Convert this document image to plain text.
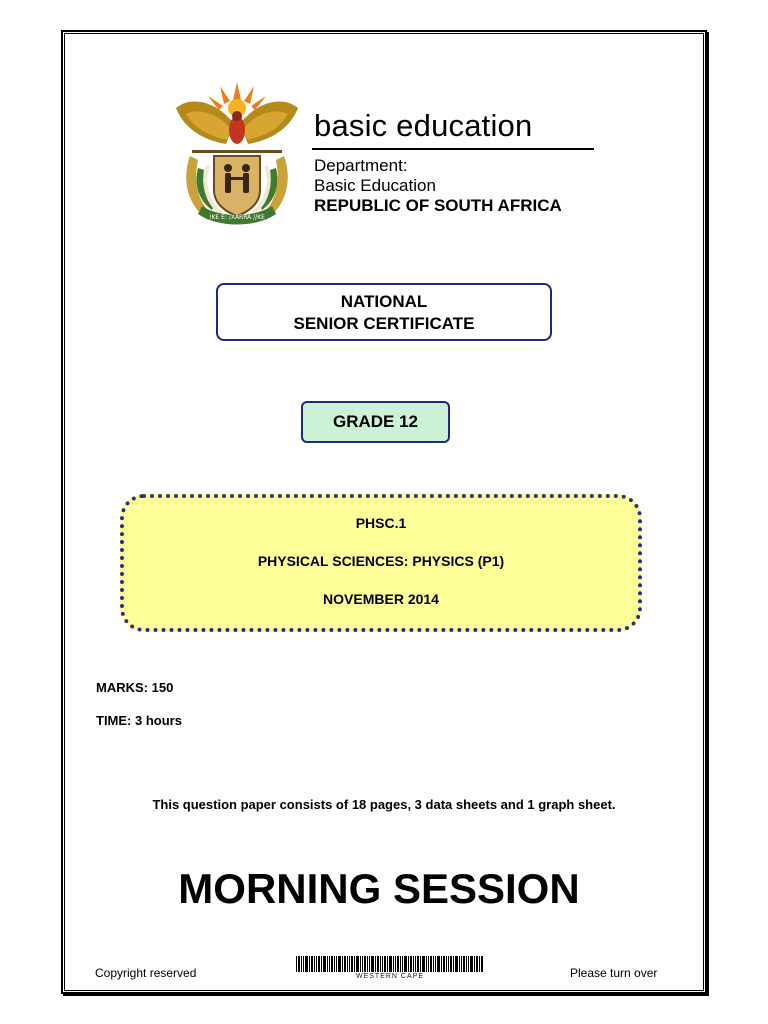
!KE E: /XARRA //KE
basic education
Department:
Basic Education
REPUBLIC OF SOUTH AFRICA
NATIONAL
SENIOR CERTIFICATE
GRADE 12
PHSC.1
PHYSICAL SCIENCES: PHYSICS (P1)
NOVEMBER 2014
MARKS: 150
TIME: 3 hours
This question paper consists of 18 pages, 3 data sheets and 1 graph sheet.
MORNING SESSION
Copyright reserved	WESTERN CAPE	Please turn over
